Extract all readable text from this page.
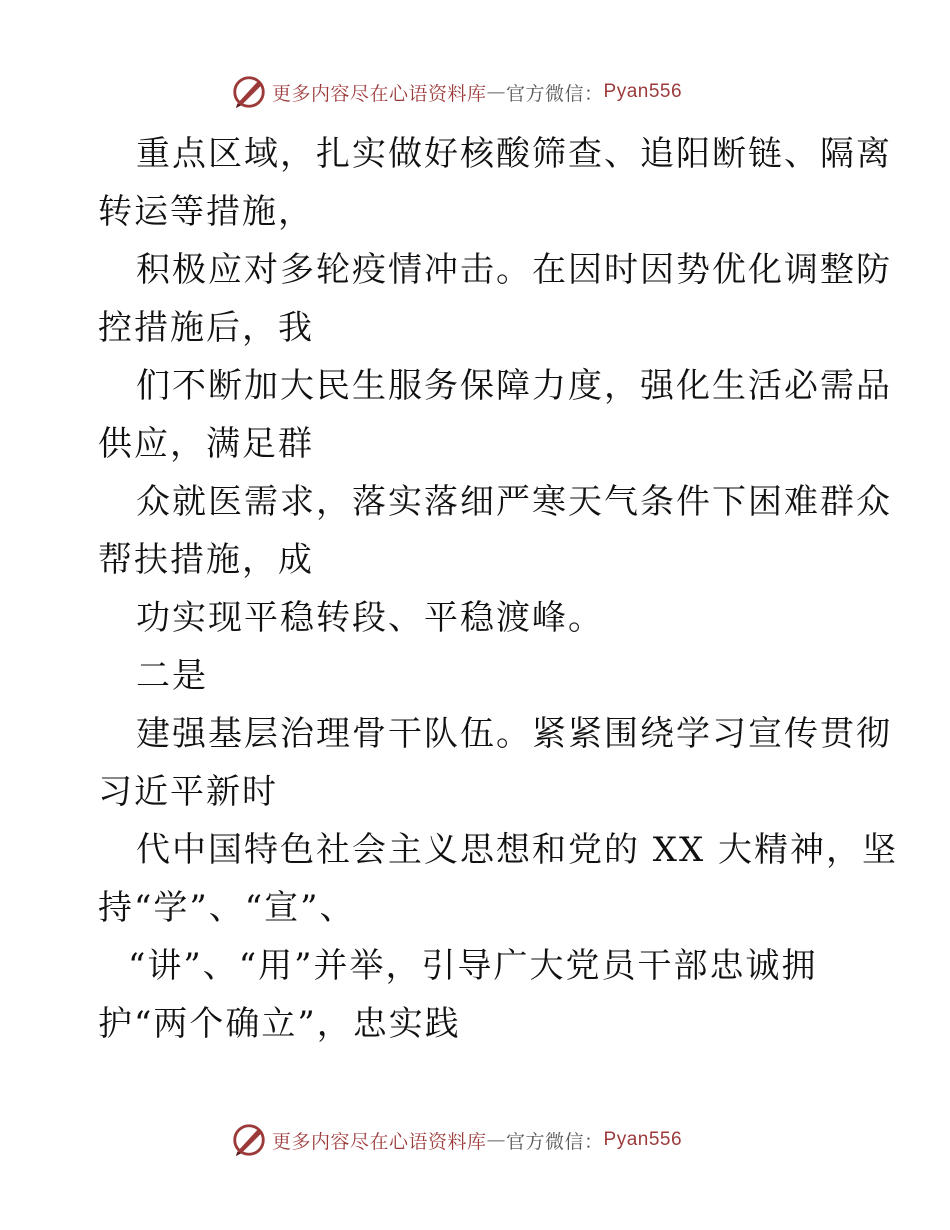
更多内容尽在心语资料库 — 官方微信： Pyan556
重点区域，扎实做好核酸筛查、追阳断链、隔离
转运等措施，
积极应对多轮疫情冲击。在因时因势优化调整防
控措施后，我
们不断加大民生服务保障力度，强化生活必需品
供应，满足群
众就医需求，落实落细严寒天气条件下困难群众
帮扶措施，成
功实现平稳转段、平稳渡峰。
二是
建强基层治理骨干队伍。紧紧围绕学习宣传贯彻
习近平新时
代中国特色社会主义思想和党的 XX 大精神，坚
持“学”、“宣”、
“讲”、“用”并举，引导广大党员干部忠诚拥
护“两个确立”，忠实践
更多内容尽在心语资料库 — 官方微信： Pyan556
